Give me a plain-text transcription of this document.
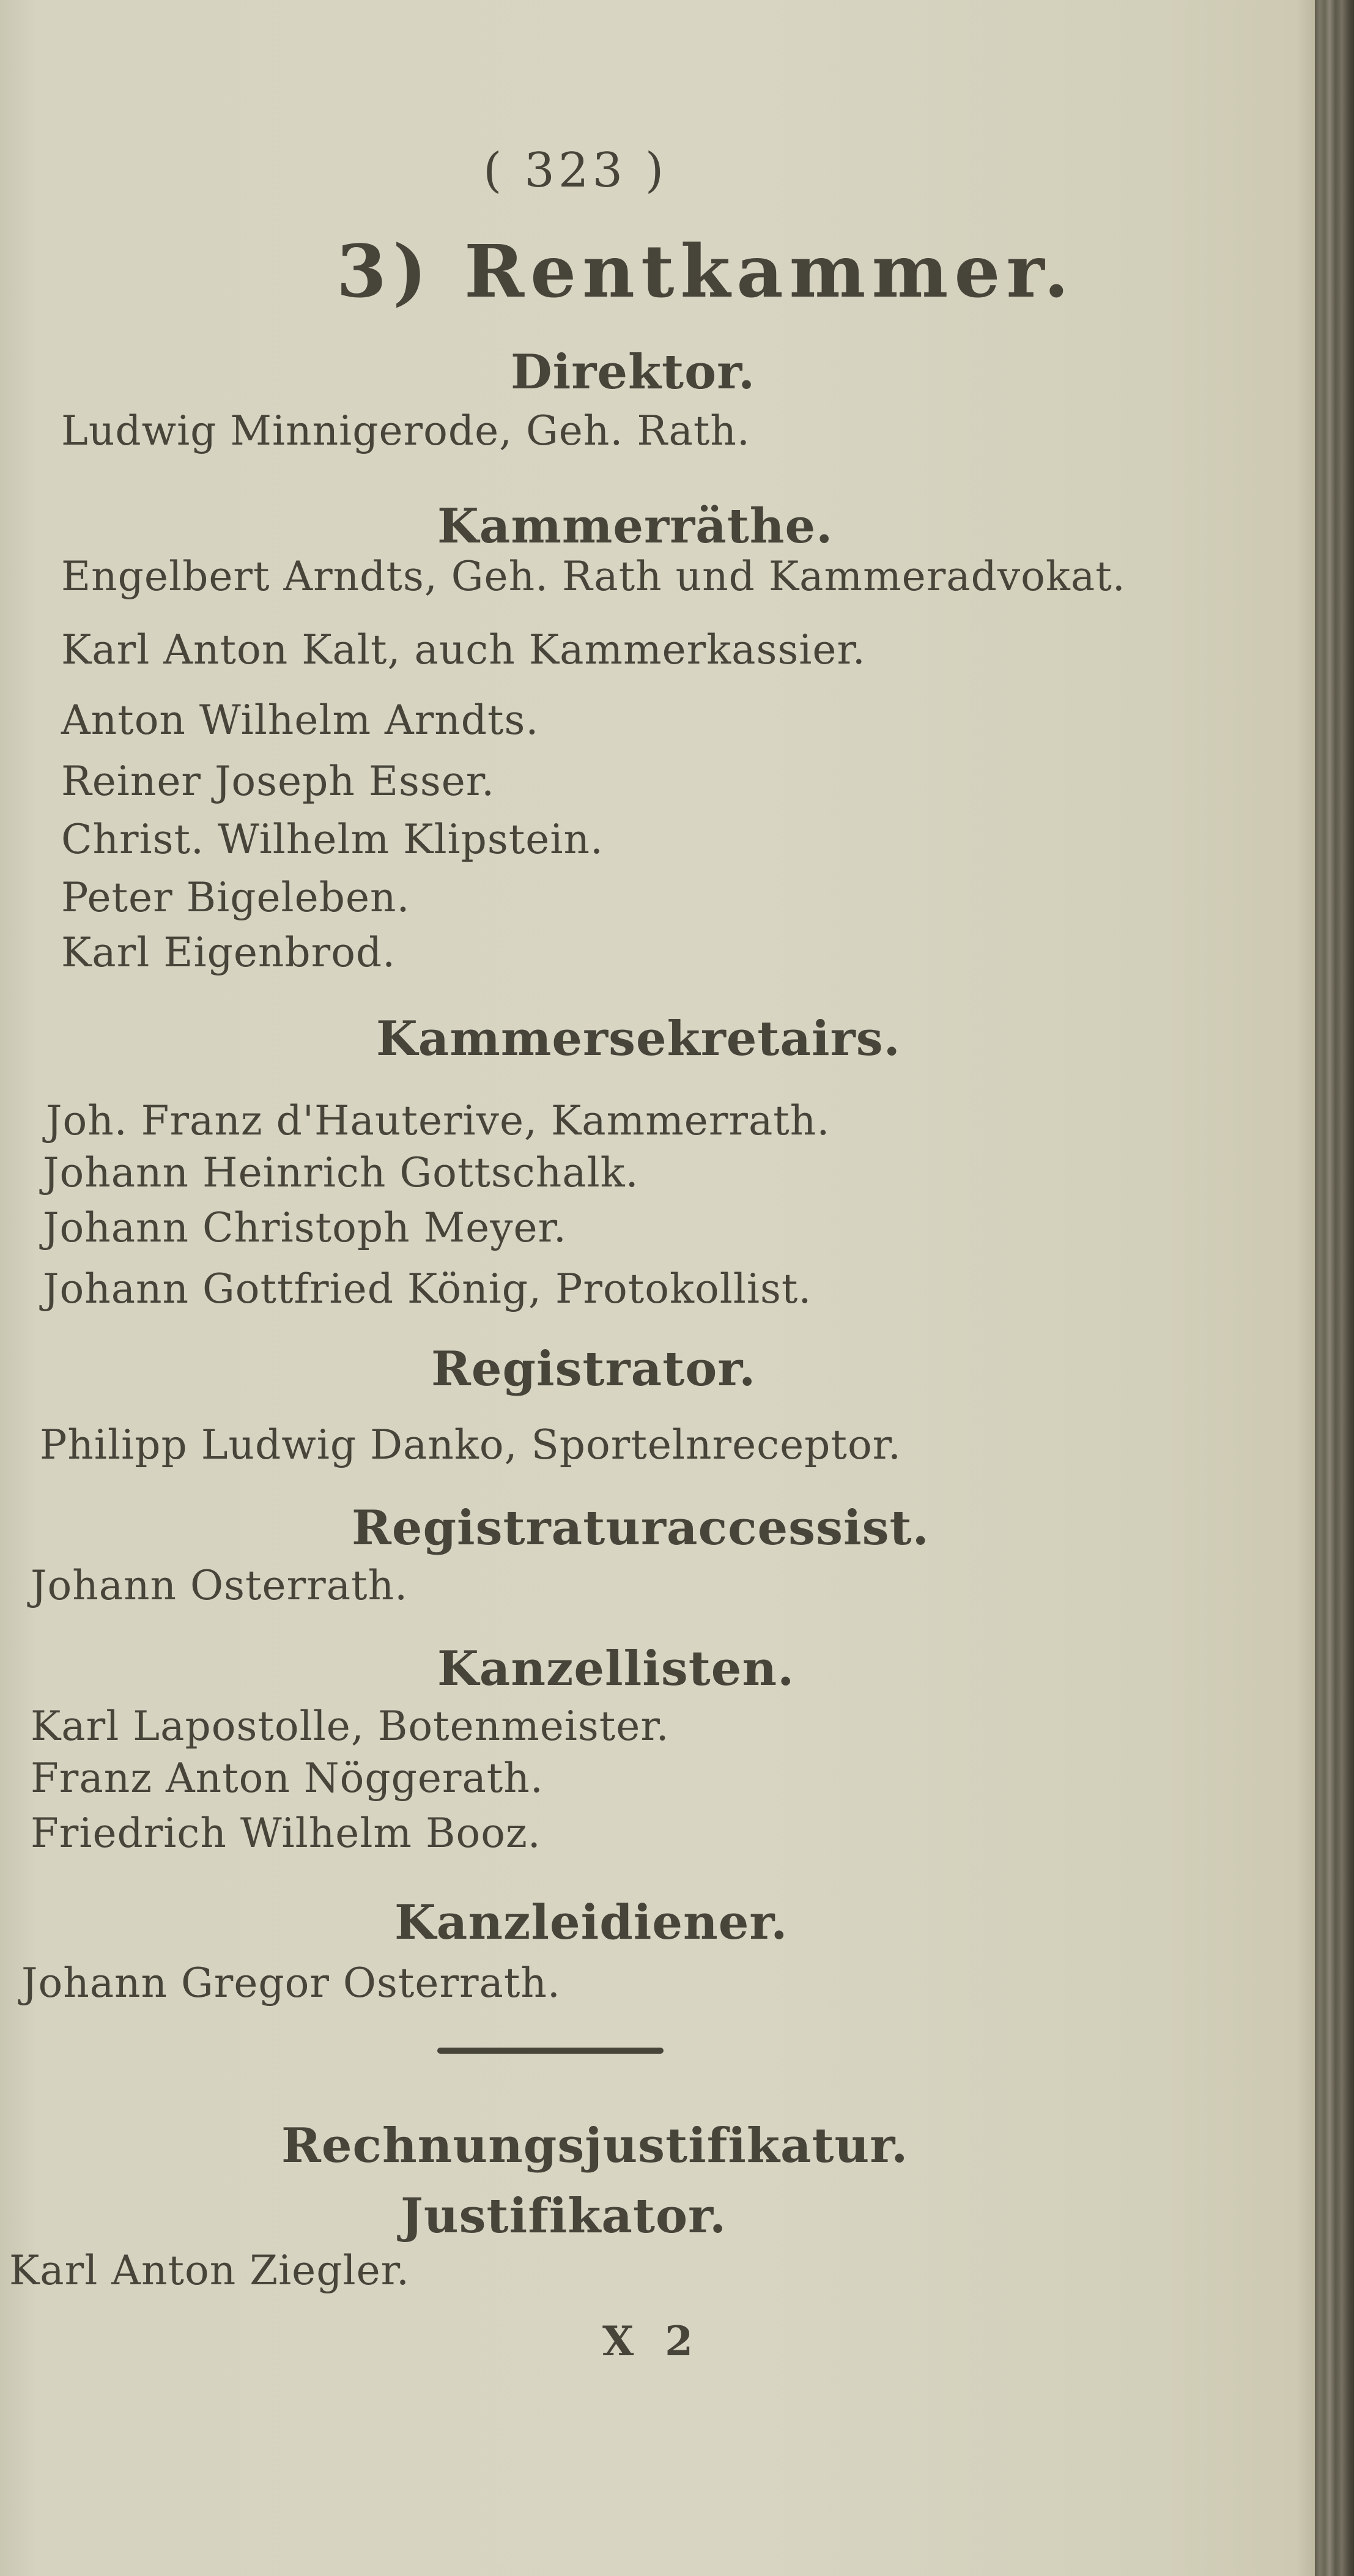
( 323 )
3) Rentkammer.
Direktor.
Ludwig Minnigerode, Geh. Rath.
Kammerräthe.
Engelbert Arndts, Geh. Rath und Kammeradvokat.
Karl Anton Kalt, auch Kammerkassier.
Anton Wilhelm Arndts.
Reiner Joseph Esser.
Christ. Wilhelm Klipstein.
Peter Bigeleben.
Karl Eigenbrod.
Kammersekretairs.
Joh. Franz d'Hauterive, Kammerrath.
Johann Heinrich Gottschalk.
Johann Christoph Meyer.
Johann Gottfried König, Protokollist.
Registrator.
Philipp Ludwig Danko, Sportelnreceptor.
Registraturaccessist.
Johann Osterrath.
Kanzellisten.
Karl Lapostolle, Botenmeister.
Franz Anton Nöggerath.
Friedrich Wilhelm Booz.
Kanzleidiener.
Johann Gregor Osterrath.
Rechnungsjustifikatur.
Justifikator.
Karl Anton Ziegler.
X 2
